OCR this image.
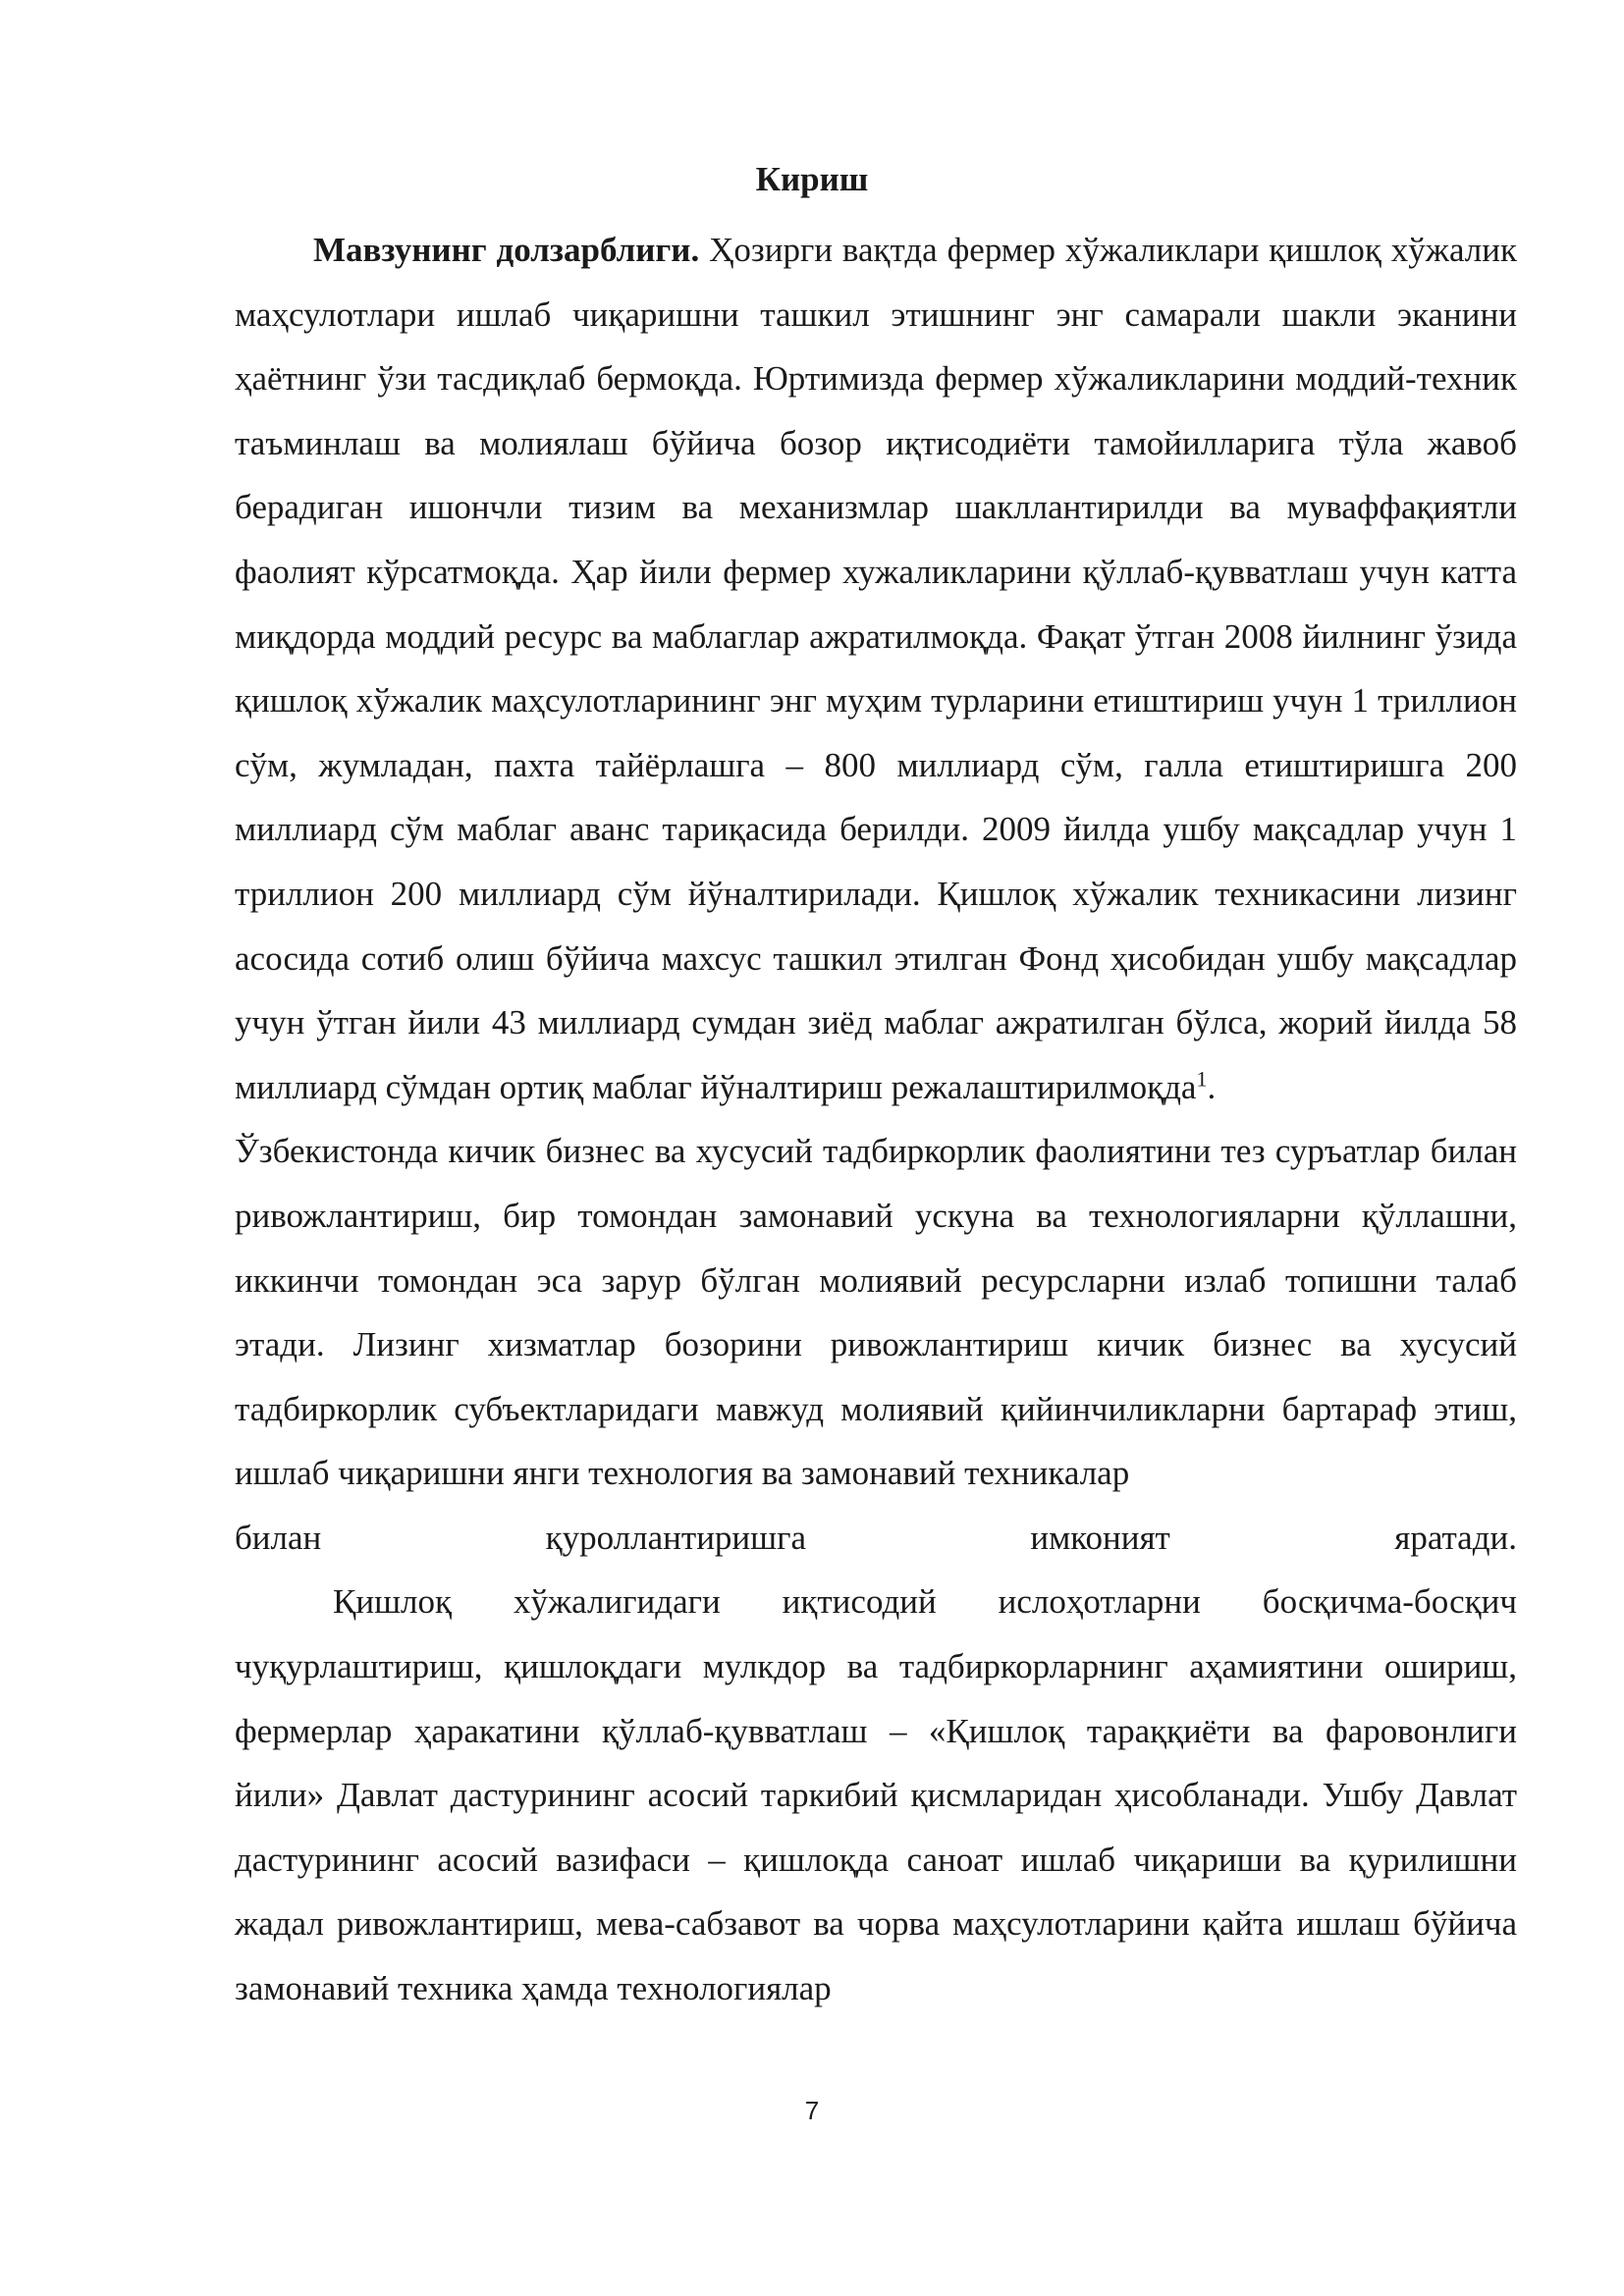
Кириш

Мавзунинг долзарблиги. Ҳозирги вақтда фермер хўжаликлари қишлоқ хўжалик маҳсулотлари ишлаб чиқаришни ташкил этишнинг энг самарали шакли эканини ҳаётнинг ўзи тасдиқлаб бермоқда. Юртимизда фермер хўжаликларини моддий-техник таъминлаш ва молиялаш бўйича бозор иқтисодиёти тамойилларига тўла жавоб берадиган ишончли тизим ва механизмлар шакллантирилди ва муваффақиятли фаолият кўрсатмоқда. Ҳар йили фермер хужаликларини қўллаб-қувватлаш учун катта миқдорда моддий ресурс ва маблаглар ажратилмоқда. Фақат ўтган 2008 йилнинг ўзида қишлоқ хўжалик маҳсулотларининг энг муҳим турларини етиштириш учун 1 триллион сўм, жумладан, пахта тайёрлашга – 800 миллиард сўм, галла етиштиришга 200 миллиард сўм маблаг аванс тариқасида берилди. 2009 йилда ушбу мақсадлар учун 1 триллион 200 миллиард сўм йўналтирилади. Қишлоқ хўжалик техникасини лизинг асосида сотиб олиш бўйича махсус ташкил этилган Фонд ҳисобидан ушбу мақсадлар учун ўтган йили 43 миллиард сумдан зиёд маблаг ажратилган бўлса, жорий йилда 58 миллиард сўмдан ортиқ маблаг йўналтириш режалаштирилмоқда$^1$.

Ўзбекистонда кичик бизнес ва хусусий тадбиркорлик фаолиятини тез суръатлар билан ривожлантириш, бир томондан замонавий ускуна ва технологияларни қўллашни, иккинчи томондан эса зарур бўлган молиявий ресурсларни излаб топишни талаб этади. Лизинг хизматлар бозорини ривожлантириш кичик бизнес ва хусусий тадбиркорлик субъектларидаги мавжуд молиявий қийинчиликларни бартараф этиш, ишлаб чиқаришни янги технология ва замонавий техникалар

билан	қуроллантиришга	имконият	яратади.

Қишлоқ хўжалигидаги иқтисодий ислоҳотларни босқичма-босқич чуқурлаштириш, қишлоқдаги мулкдор ва тадбиркорларнинг аҳамиятини ошириш, фермерлар ҳаракатини қўллаб-қувватлаш – «Қишлоқ тараққиёти ва фаровонлиги йили» Давлат дастурининг асосий таркибий қисмларидан ҳисобланади. Ушбу Давлат дастурининг асосий вазифаси – қишлоқда саноат ишлаб чиқариши ва қурилишни жадал ривожлантириш, мева-сабзавот ва чорва маҳсулотларини қайта ишлаш бўйича замонавий техника ҳамда технологиялар

7
